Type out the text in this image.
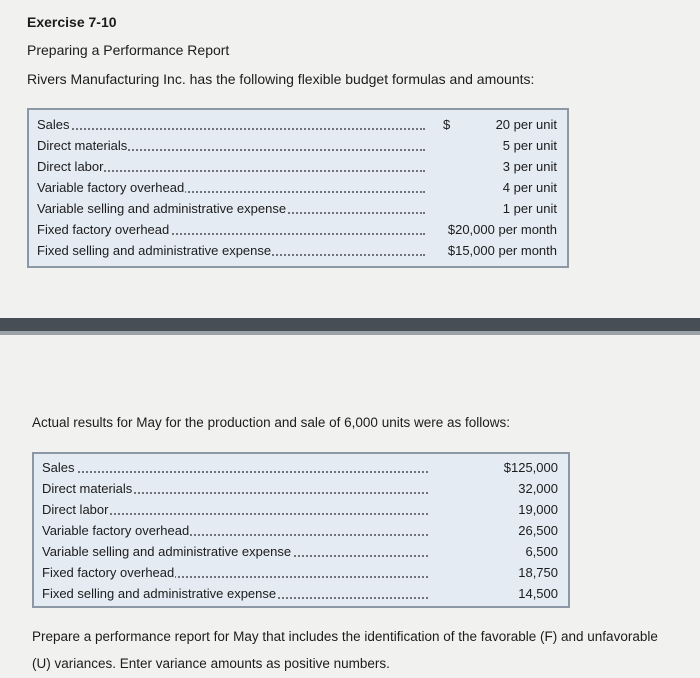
Exercise 7-10
Preparing a Performance Report
Rivers Manufacturing Inc. has the following flexible budget formulas and amounts:
Sales	$	20 per unit
Direct materials	5 per unit
Direct labor	3 per unit
Variable factory overhead	4 per unit
Variable selling and administrative expense	1 per unit
Fixed factory overhead	$20,000 per month
Fixed selling and administrative expense	$15,000 per month
Actual results for May for the production and sale of 6,000 units were as follows:
Sales	$125,000
Direct materials	32,000
Direct labor	19,000
Variable factory overhead	26,500
Variable selling and administrative expense	6,500
Fixed factory overhead	18,750
Fixed selling and administrative expense	14,500
Prepare a performance report for May that includes the identification of the favorable (F) and unfavorable
(U) variances. Enter variance amounts as positive numbers.
